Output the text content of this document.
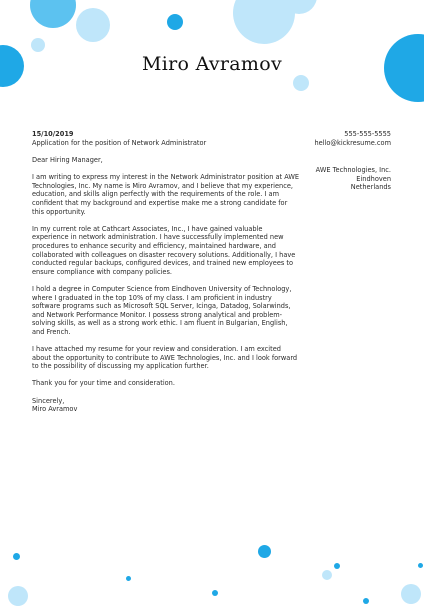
Miro Avramov
15/10/2019
Application for the position of Network Administrator
555-555-5555
hello@kickresume.com
AWE Technologies, Inc.
Eindhoven
Netherlands

Dear Hiring Manager,

I am writing to express my interest in the Network Administrator position at AWE Technologies, Inc. My name is Miro Avramov, and I believe that my experience, education, and skills align perfectly with the requirements of the role. I am confident that my background and expertise make me a strong candidate for this opportunity.

In my current role at Cathcart Associates, Inc., I have gained valuable experience in network administration. I have successfully implemented new procedures to enhance security and efficiency, maintained hardware, and collaborated with colleagues on disaster recovery solutions. Additionally, I have conducted regular backups, configured devices, and trained new employees to ensure compliance with company policies.

I hold a degree in Computer Science from Eindhoven University of Technology, where I graduated in the top 10% of my class. I am proficient in industry software programs such as Microsoft SQL Server, Icinga, Datadog, Solarwinds, and Network Performance Monitor. I possess strong analytical and problem-solving skills, as well as a strong work ethic. I am fluent in Bulgarian, English, and French.

I have attached my resume for your review and consideration. I am excited about the opportunity to contribute to AWE Technologies, Inc. and I look forward to the possibility of discussing my application further.

Thank you for your time and consideration.

Sincerely,
Miro Avramov
